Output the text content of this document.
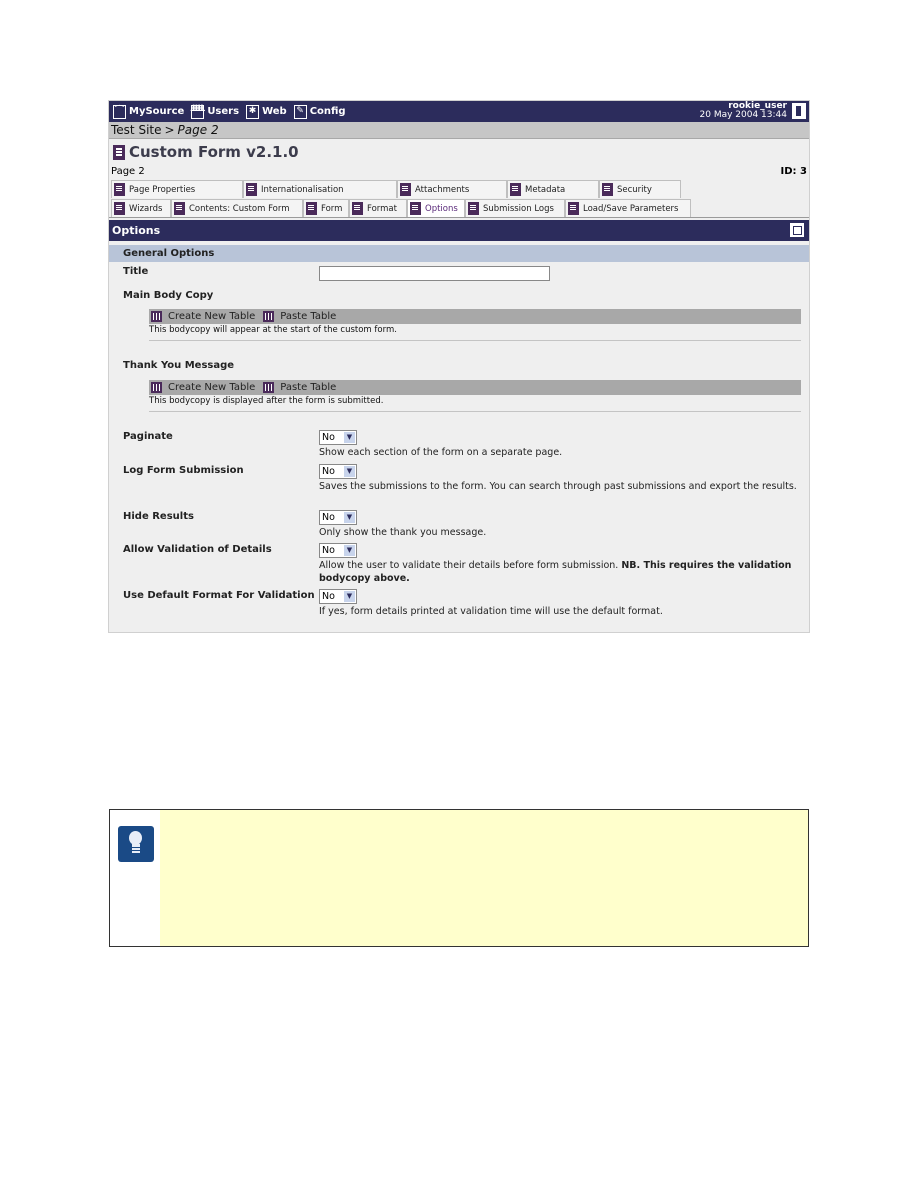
⌒ MySource ᚙ Users	✱ Web	✎ Config	rookie_user
20 May 2004 13:44
Test Site > Page 2
Custom Form v2.1.0
Page 2	ID: 3
Page Properties	Internationalisation	Attachments	Metadata	Security
Wizards	Contents: Custom Form	Form	Format	Options	Submission Logs	Load/Save Parameters
Options
General Options
Title
Main Body Copy
Create New Table	Paste Table
This bodycopy will appear at the start of the custom form.
Thank You Message
Create New Table	Paste Table
This bodycopy is displayed after the form is submitted.
Paginate	No	▼
Show each section of the form on a separate page.
Log Form Submission	No	▼
Saves the submissions to the form. You can search through past submissions and export the results.
Hide Results	No	▼
Only show the thank you message.
Allow Validation of Details	No	▼
Allow the user to validate their details before form submission. NB. This requires the validation bodycopy above.
Use Default Format For Validation No	▼
If yes, form details printed at validation time will use the default format.
